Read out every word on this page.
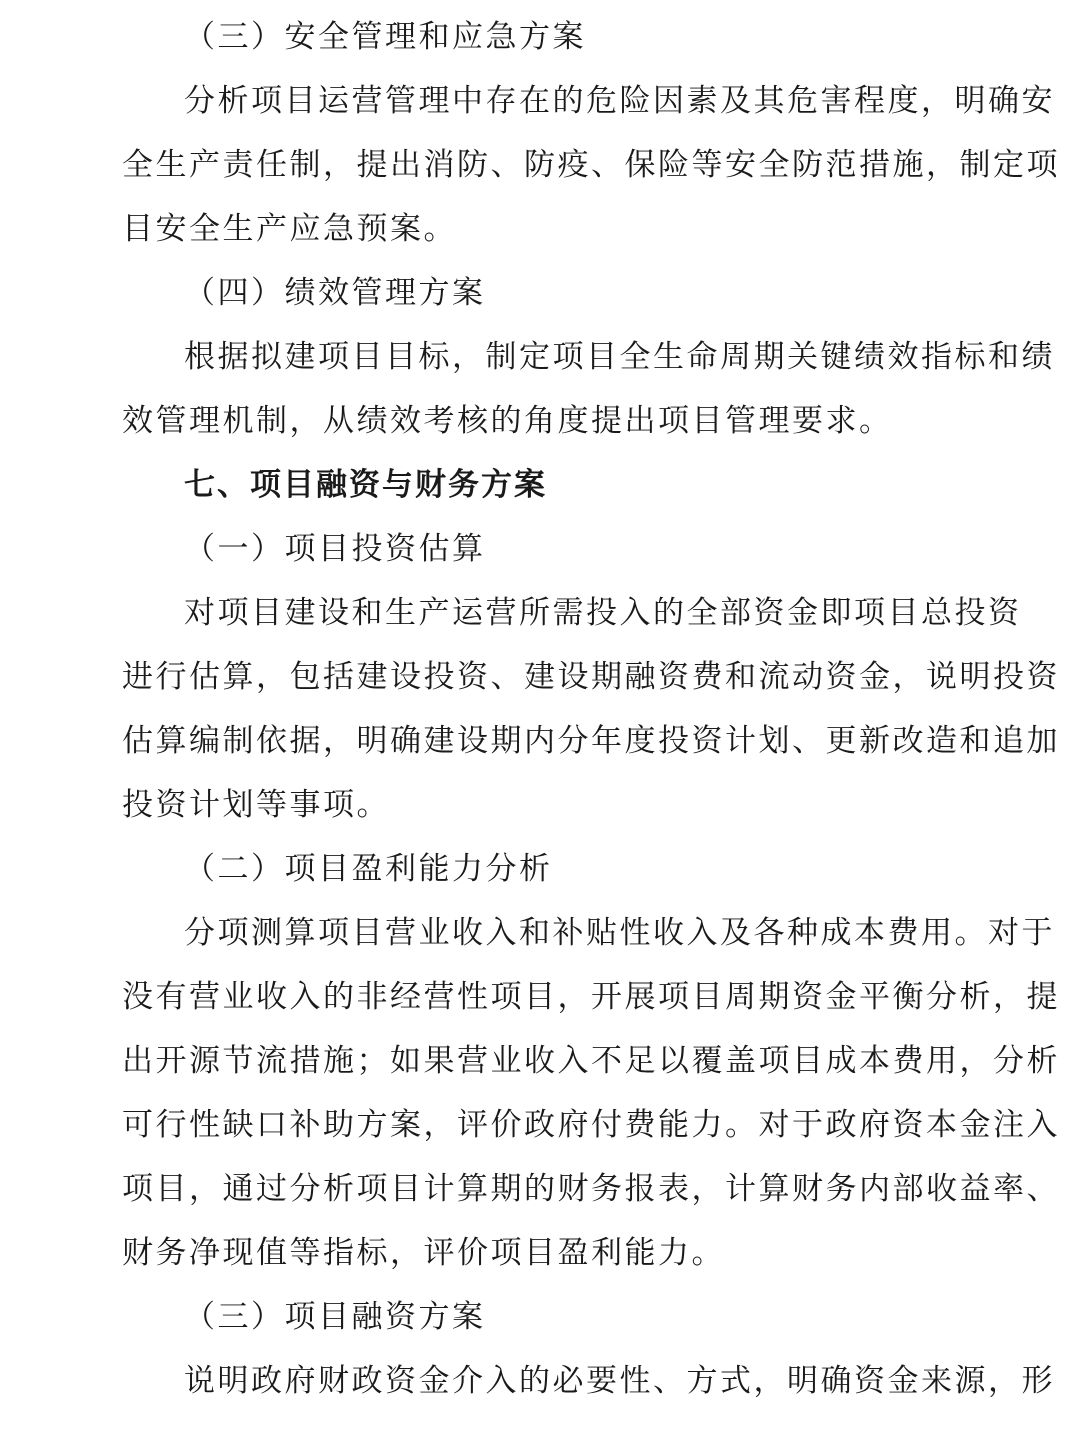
（三）安全管理和应急方案
分析项目运营管理中存在的危险因素及其危害程度，明确安
全生产责任制，提出消防、防疫、保险等安全防范措施，制定项
目安全生产应急预案。
（四）绩效管理方案
根据拟建项目目标，制定项目全生命周期关键绩效指标和绩
效管理机制，从绩效考核的角度提出项目管理要求。
七、项目融资与财务方案
（一）项目投资估算
对项目建设和生产运营所需投入的全部资金即项目总投资
进行估算，包括建设投资、建设期融资费和流动资金，说明投资
估算编制依据，明确建设期内分年度投资计划、更新改造和追加
投资计划等事项。
（二）项目盈利能力分析
分项测算项目营业收入和补贴性收入及各种成本费用。对于
没有营业收入的非经营性项目，开展项目周期资金平衡分析，提
出开源节流措施；如果营业收入不足以覆盖项目成本费用，分析
可行性缺口补助方案，评价政府付费能力。对于政府资本金注入
项目，通过分析项目计算期的财务报表，计算财务内部收益率、
财务净现值等指标，评价项目盈利能力。
（三）项目融资方案
说明政府财政资金介入的必要性、方式，明确资金来源，形
